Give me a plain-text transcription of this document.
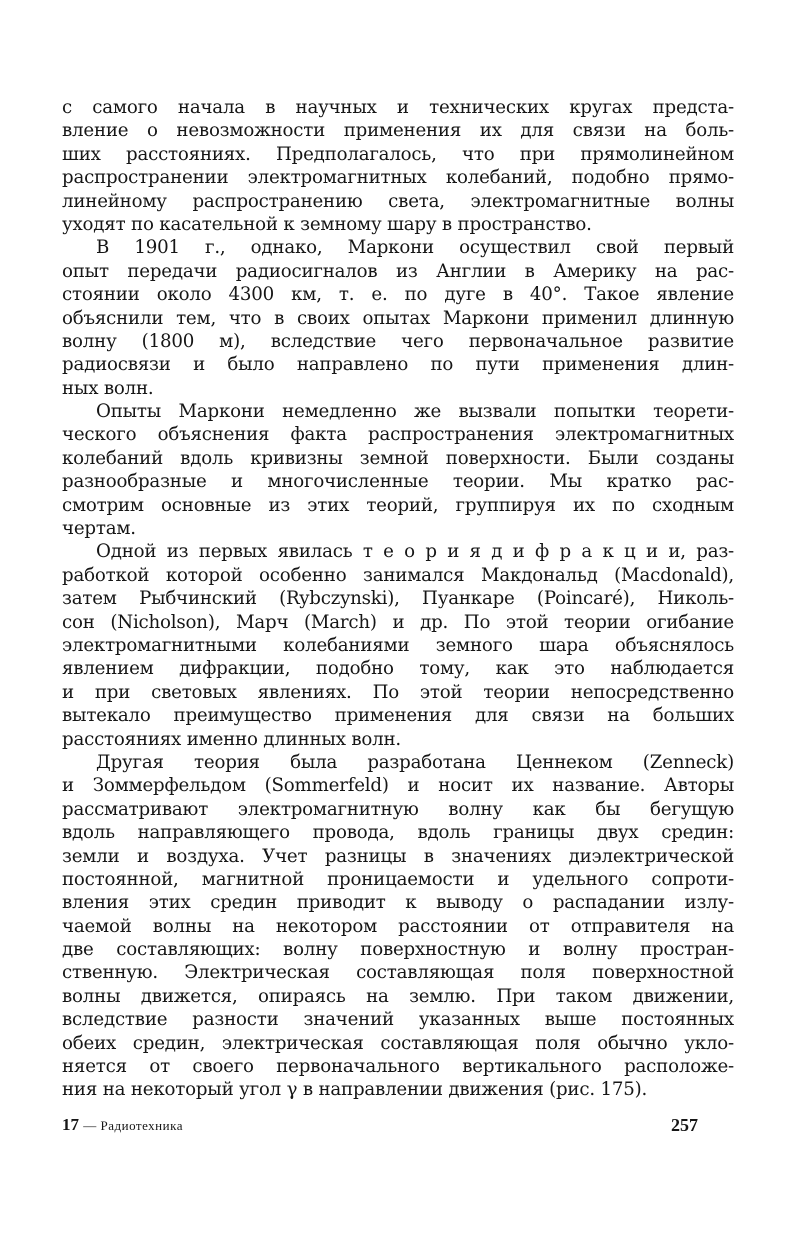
с самого начала в научных и технических кругах предста-
вление о невозможности применения их для связи на боль-
ших расстояниях. Предполагалось, что при прямолинейном
распространении электромагнитных колебаний, подобно прямо-
линейному распространению света, электромагнитные волны
уходят по касательной к земному шару в пространство.
В 1901 г., однако, Маркони осуществил свой первый
опыт передачи радиосигналов из Англии в Америку на рас-
стоянии около 4300 км, т. е. по дуге в 40°. Такое явление
объяснили тем, что в своих опытах Маркони применил длинную
волну (1800 м), вследствие чего первоначальное развитие
радиосвязи и было направлено по пути применения длин-
ных волн.
Опыты Маркони немедленно же вызвали попытки теорети-
ческого объяснения факта распространения электромагнитных
колебаний вдоль кривизны земной поверхности. Были созданы
разнообразные и многочисленные теории. Мы кратко рас-
смотрим основные из этих теорий, группируя их по сходным
чертам.
Одной из первых явилась т е о р и я д и ф р а к ц и и, раз-
работкой которой особенно занимался Макдональд (Macdonald),
затем Рыбчинский (Rybczynski), Пуанкаре (Poincaré), Николь-
сон (Nicholson), Марч (March) и др. По этой теории огибание
электромагнитными колебаниями земного шара объяснялось
явлением дифракции, подобно тому, как это наблюдается
и при световых явлениях. По этой теории непосредственно
вытекало преимущество применения для связи на больших
расстояниях именно длинных волн.
Другая теория была разработана Ценнеком (Zenneck)
и Зоммерфельдом (Sommerfeld) и носит их название. Авторы
рассматривают электромагнитную волну как бы бегущую
вдоль направляющего провода, вдоль границы двух средин:
земли и воздуха. Учет разницы в значениях диэлектрической
постоянной, магнитной проницаемости и удельного сопроти-
вления этих средин приводит к выводу о распадании излу-
чаемой волны на некотором расстоянии от отправителя на
две составляющих: волну поверхностную и волну простран-
ственную. Электрическая составляющая поля поверхностной
волны движется, опираясь на землю. При таком движении,
вследствие разности значений указанных выше постоянных
обеих средин, электрическая составляющая поля обычно укло-
няется от своего первоначального вертикального расположе-
ния на некоторый угол γ в направлении движения (рис. 175).
17 — Радиотехника	257
